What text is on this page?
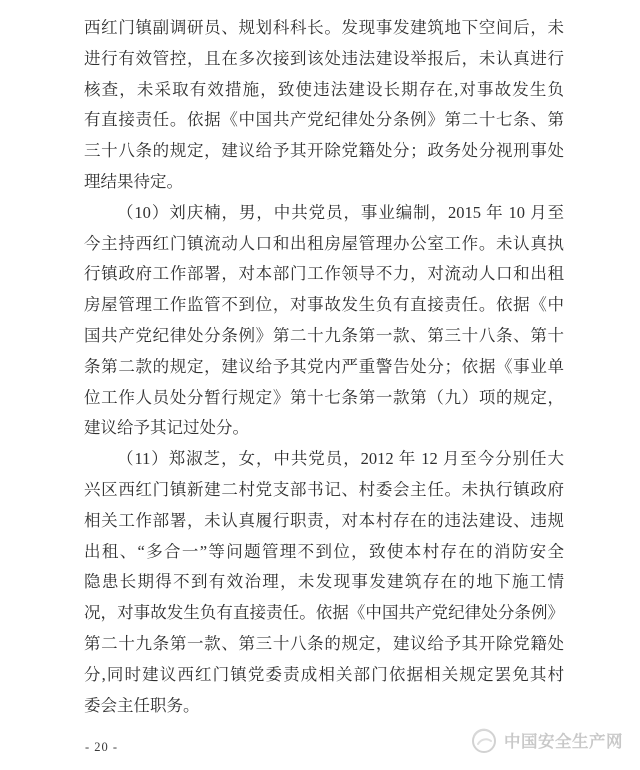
西红门镇副调研员、规划科科长。发现事发建筑地下空间后，未
进行有效管控，且在多次接到该处违法建设举报后，未认真进行
核查，未采取有效措施，致使违法建设长期存在,对事故发生负
有直接责任。依据《中国共产党纪律处分条例》第二十七条、第
三十八条的规定，建议给予其开除党籍处分；政务处分视刑事处
理结果待定。
（10）刘庆楠，男，中共党员，事业编制，2015 年 10 月至
今主持西红门镇流动人口和出租房屋管理办公室工作。未认真执
行镇政府工作部署，对本部门工作领导不力，对流动人口和出租
房屋管理工作监管不到位，对事故发生负有直接责任。依据《中
国共产党纪律处分条例》第二十九条第一款、第三十八条、第十
条第二款的规定，建议给予其党内严重警告处分；依据《事业单
位工作人员处分暂行规定》第十七条第一款第（九）项的规定，
建议给予其记过处分。
（11）郑淑芝，女，中共党员，2012 年 12 月至今分别任大
兴区西红门镇新建二村党支部书记、村委会主任。未执行镇政府
相关工作部署，未认真履行职责，对本村存在的违法建设、违规
出租、“多合一”等问题管理不到位，致使本村存在的消防安全
隐患长期得不到有效治理，未发现事发建筑存在的地下施工情
况，对事故发生负有直接责任。依据《中国共产党纪律处分条例》
第二十九条第一款、第三十八条的规定，建议给予其开除党籍处
分,同时建议西红门镇党委责成相关部门依据相关规定罢免其村
委会主任职务。
- 20 -	中国安全生产网
